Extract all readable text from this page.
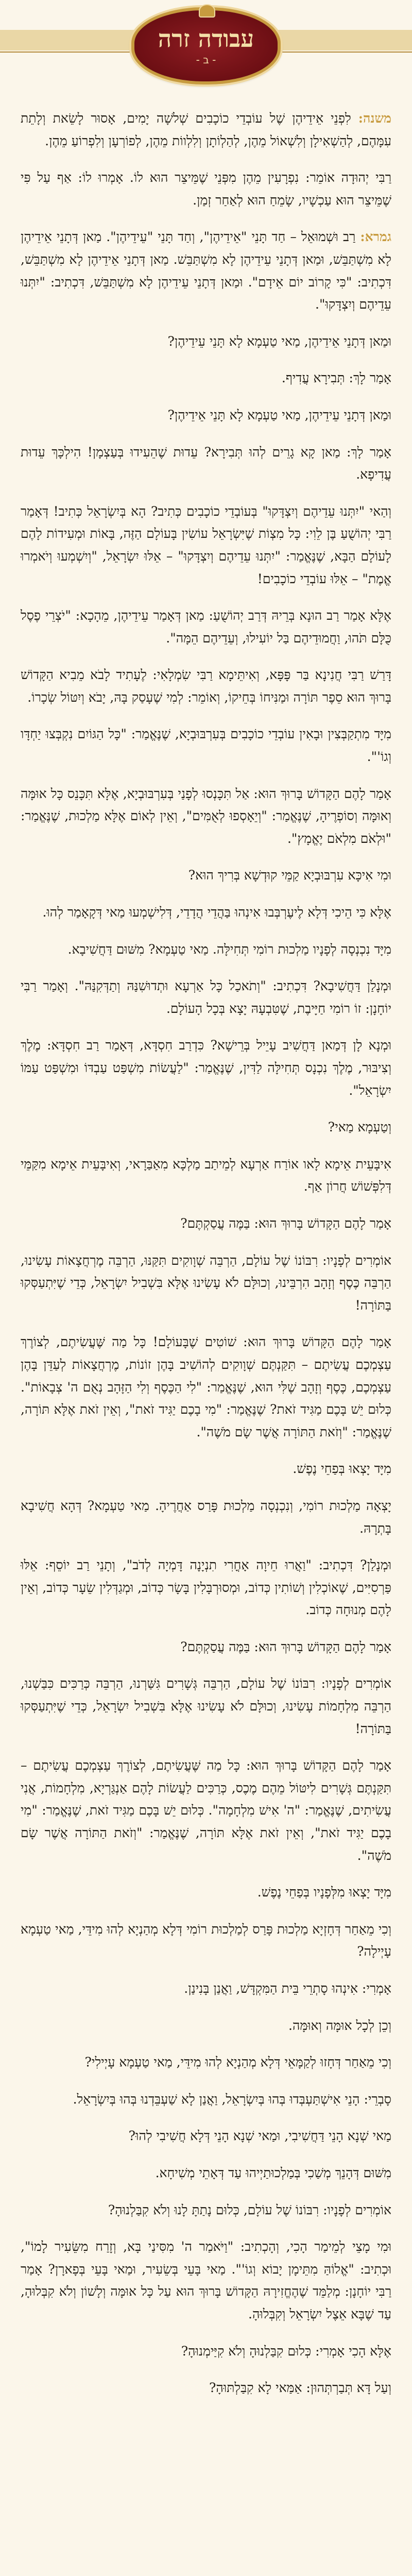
עבודה זרה
- ב -

משנה: לִפְנֵי אֵידֵיהֶן שֶׁל עוֹבְדֵי כוֹכָבִים שְׁלשָׁה יָמִים, אָסוּר לָשֵׂאת וְלָתֵת עִמָּהֶם, לְהַשְׁאִילָן וְלִשְׁאוֹל מֵהֶן, לְהַלְוֹתָן וְלִלְווֹת מֵהֶן, לְפוֹרְעָן וְלִפְרוֹעַ מֵהֶן.

רַבִּי יְהוּדָה אוֹמֵר: נִפְרָעִין מֵהֶן מִפְּנֵי שֶׁמֵּיצֵר הוּא לוֹ. אָמְרוּ לוֹ: אַף עַל פִּי שֶׁמֵּיצֵר הוּא עַכְשָׁיו, שָׂמֵחַ הוּא לְאַחַר זְמַן.

גמרא: רַב וּשְׁמוּאֵל – חַד תָּנֵי "אֵידֵיהֶן", וְחַד תָּנֵי "עֵידֵיהֶן". מַאן דְּתָנֵי אֵידֵיהֶן לָא מִשְׁתַּבֵּשׁ, וּמַאן דְּתָנֵי עֵידֵיהֶן לָא מִשְׁתַּבֵּשׁ. מַאן דְּתָנֵי אֵידֵיהֶן לָא מִשְׁתַּבֵּשׁ, דִּכְתִיב: "כִּי קָרוֹב יוֹם אֵידָם". וּמַאן דְּתָנֵי עֵידֵיהֶן לָא מִשְׁתַּבֵּשׁ, דִּכְתִיב: "יִתְּנוּ עֵדֵיהֶם וְיִצְדָּקוּ".

וּמַאן דְּתָנֵי אֵידֵיהֶן, מַאי טַעְמָא לָא תָּנֵי עֵידֵיהֶן?

אָמַר לָךְ: תְּבִירָא עֲדִיף.

וּמַאן דְּתָנֵי עֵידֵיהֶן, מַאי טַעְמָא לָא תָּנֵי אֵידֵיהֶן?

אָמַר לָךְ: מַאן קָא גָרֵים לְהוּ תְּבִירָא? עֵדוּת שֶׁהֵעִידוּ בְּעַצְמָן! הִילְכָּךְ עֵדוּת עֲדִיפָא.

וְהַאי "יִתְּנוּ עֵדֵיהֶם וְיִצְדָּקוּ" בְּעוֹבְדֵי כוֹכָבִים כְּתִיב? הָא בְּיִשְׂרָאֵל כְּתִיב! דְּאָמַר רַבִּי יְהוֹשֻׁעַ בֶּן לֵוִי: כָּל מִצְוֹת שֶׁיִּשְׂרָאֵל עוֹשִׂין בָּעוֹלָם הַזֶּה, בָּאוֹת וּמְעִידוֹת לָהֶם לָעוֹלָם הַבָּא, שֶׁנֶּאֱמַר: "יִתְּנוּ עֵדֵיהֶם וְיִצְדָּקוּ" – אֵלּוּ יִשְׂרָאֵל, "וְיִשְׁמְעוּ וְיֹאמְרוּ אֱמֶת" – אֵלּוּ עוֹבְדֵי כוֹכָבִים!

אֶלָּא אָמַר רַב הוּנָא בְּרֵיהּ דְּרַב יְהוֹשֻׁעַ: מַאן דְּאָמַר עֵידֵיהֶן, מֵהָכָא: "יֹצְרֵי פֶסֶל כֻּלָּם תֹּהוּ, וַחֲמוּדֵיהֶם בַּל יוֹעִילוּ, וְעֵדֵיהֶם הֵמָּה".

דָּרַשׁ רַבִּי חֲנִינָא בַּר פָּפָּא, וְאִיתֵּימָא רַבִּי שִׂמְלָאִי: לֶעָתִיד לָבֹא מֵבִיא הַקָּדוֹשׁ בָּרוּךְ הוּא סֵפֶר תּוֹרָה וּמַנִּיחוֹ בְּחֵיקוֹ, וְאוֹמֵר: לְמִי שֶׁעָסַק בָּהּ, יָבֹא וְיִטּוֹל שְׂכָרוֹ.

מִיָּד מִתְקַבְּצִין וּבָאִין עוֹבְדֵי כוֹכָבִים בְּעִרְבּוּבְיָא, שֶׁנֶּאֱמַר: "כָּל הַגּוֹיִם נִקְבְּצוּ יַחְדָּו וְגוֹ'".

אָמַר לָהֶם הַקָּדוֹשׁ בָּרוּךְ הוּא: אַל תִּכָּנְסוּ לְפָנַי בְּעִרְבּוּבְיָא, אֶלָּא תִּכָּנֵס כָּל אוּמָּה וְאוּמָּה וְסוֹפְרֶיהָ, שֶׁנֶּאֱמַר: "וְיֵאָסְפוּ לְאֻמִּים", וְאֵין לְאוֹם אֶלָּא מַלְכוּת, שֶׁנֶּאֱמַר: "וּלְאֹם מִלְאֹם יֶאֱמָץ".

וּמִי אִיכָּא עִרְבּוּבְיָא קַמֵּי קוּדְשָׁא בְּרִיךְ הוּא?

אֶלָּא כִּי הֵיכִי דְּלָא לֶיעֶרְבְּבוּ אִינְהוּ בַּהֲדֵי הֲדָדֵי, דְּלִישְׁמְעוּ מַאי דְּקָאָמַר לְהוּ.

מִיָּד נִכְנְסָה לְפָנָיו מַלְכוּת רוֹמִי תְּחִילָּה. מַאי טַעְמָא? מִשּׁוּם דַּחֲשִׁיבָא.

וּמְנָלַן דַּחֲשִׁיבָא? דִּכְתִיב: "וְתֹאכַל כָּל אַרְעָא וּתְדוּשִׁנַּהּ וְתַדְּקִנַּהּ". וְאָמַר רַבִּי יוֹחָנָן: זוֹ רוֹמִי חַיָּיבֶת, שֶׁטִּבְעָהּ יָצָא בְּכָל הָעוֹלָם.

וּמְנָא לָן דְּמַאן דַּחֲשִׁיב עָיֵיל בְּרֵישָׁא? כִּדְרַב חִסְדָּא, דְּאָמַר רַב חִסְדָּא: מֶלֶךְ וְצִיבּוּר, מֶלֶךְ נִכְנָס תְּחִילָּה לַדִּין, שֶׁנֶּאֱמַר: "לַעֲשׂוֹת מִשְׁפַּט עַבְדּוֹ וּמִשְׁפַּט עַמּוֹ יִשְׂרָאֵל".

וְטַעְמָא מַאי?

אִיבָּעֵית אֵימָא לָאו אוֹרַח אַרְעָא לְמֵיתַב מַלְכָּא מִאַבַּרָאי, וְאִיבָּעֵית אֵימָא מִקַּמֵּי דְּלִפְּשׁוֹשׁ חֲרוֹן אַף.

אָמַר לָהֶם הַקָּדוֹשׁ בָּרוּךְ הוּא: בַּמֶּה עֲסַקְתֶּם?

אוֹמְרִים לְפָנָיו: רִבּוֹנוֹ שֶׁל עוֹלָם, הַרְבֵּה שְׁוָוקִים תִּקַּנּוּ, הַרְבֵּה מֶרְחֲצָאוֹת עָשִׂינוּ, הַרְבֵּה כֶּסֶף וְזָהָב הִרְבֵּינוּ, וְכוּלָּם לֹא עָשִׂינוּ אֶלָּא בִּשְׁבִיל יִשְׂרָאֵל, כְּדֵי שֶׁיִּתְעַסְּקוּ בַּתּוֹרָה!

אָמַר לָהֶם הַקָּדוֹשׁ בָּרוּךְ הוּא: שׁוֹטִים שֶׁבָּעוֹלָם! כָּל מַה שֶּׁעֲשִׂיתֶם, לְצוֹרֶךְ עַצְמְכֶם עֲשִׂיתֶם – תִּקַּנְתֶּם שְׁוָוקִים לְהוֹשִׁיב בָּהֶן זוֹנוֹת, מֶרְחֲצָאוֹת לְעַדֵּן בָּהֶן עַצְמְכֶם, כֶּסֶף וְזָהָב שֶׁלִּי הוּא, שֶׁנֶּאֱמַר: "לִי הַכֶּסֶף וְלִי הַזָּהָב נְאֻם ה' צְבָאוֹת". כְּלוּם יֵשׁ בָּכֶם מַגִּיד זֹאת? שֶׁנֶּאֱמַר: "מִי בָכֶם יַגִּיד זֹאת", וְאֵין זֹאת אֶלָּא תּוֹרָה, שֶׁנֶּאֱמַר: "וְזֹאת הַתּוֹרָה אֲשֶׁר שָׂם מֹשֶׁה".

מִיָּד יָצְאוּ בְּפַחֵי נֶפֶשׁ.

יָצְאָה מַלְכוּת רוֹמִי, וְנִכְנְסָה מַלְכוּת פָּרַס אַחֲרֶיהָ. מַאי טַעְמָא? דְּהָא חֲשִׁיבָא בָּתְרָהּ.

וּמְנָלַן? דִּכְתִיב: "וַאֲרוּ חֵיוָה אָחֳרִי תִנְיָנָה דָּמְיָה לְדֹב", וְתָנֵי רַב יוֹסֵף: אֵלּוּ פַּרְסִיִּים, שֶׁאוֹכְלִין וְשׁוֹתִין כְּדוֹב, וּמְסוּרְבָּלִין בָּשָׂר כְּדוֹב, וּמְגַדְּלִין שֵׂעָר כְּדוֹב, וְאֵין לָהֶם מְנוּחָה כְּדוֹב.

אָמַר לָהֶם הַקָּדוֹשׁ בָּרוּךְ הוּא: בַּמֶּה עֲסַקְתֶּם?

אוֹמְרִים לְפָנָיו: רִבּוֹנוֹ שֶׁל עוֹלָם, הַרְבֵּה גְּשָׁרִים גִּשַּׁרְנוּ, הַרְבֵּה כְּרַכִּים כִּבַּשְׁנוּ, הַרְבֵּה מִלְחָמוֹת עָשִׂינוּ, וְכוּלָּם לֹא עָשִׂינוּ אֶלָּא בִּשְׁבִיל יִשְׂרָאֵל, כְּדֵי שֶׁיִּתְעַסְּקוּ בַּתּוֹרָה!

אָמַר לָהֶם הַקָּדוֹשׁ בָּרוּךְ הוּא: כָּל מַה שֶּׁעֲשִׂיתֶם, לְצוֹרֶךְ עַצְמְכֶם עֲשִׂיתֶם – תִּקַּנְתֶּם גְּשָׁרִים לִיטּוֹל מֵהֶם מֶכֶס, כְּרַכִּים לַעֲשׂוֹת לָהֶם אַנְגַּרְיָא, מִלְחָמוֹת, אֲנִי עֲשִׂיתִים, שֶׁנֶּאֱמַר: "ה' אִישׁ מִלְחָמָה". כְּלוּם יֵשׁ בָּכֶם מַגִּיד זֹאת, שֶׁנֶּאֱמַר: "מִי בָכֶם יַגִּיד זֹאת", וְאֵין זֹאת אֶלָּא תּוֹרָה, שֶׁנֶּאֱמַר: "וְזֹאת הַתּוֹרָה אֲשֶׁר שָׂם מֹשֶׁה".

מִיָּד יָצְאוּ מִלְּפָנָיו בְּפַחֵי נֶפֶשׁ.

וְכִי מֵאַחַר דְּחָזְיָא מַלְכוּת פָּרַס לְמַלְכוּת רוֹמִי דְּלָא מְהַנְיָא לְהוּ מִידֵּי, מַאי טַעְמָא עָיְילָה?

אָמְרִי: אִינְהוּ סָתְרֵי בֵּית הַמִּקְדָּשׁ, וַאֲנַן בָּנִינַן.

וְכֵן לְכָל אוּמָּה וְאוּמָּה.

וְכִי מֵאַחַר דְּחָזוּ לְקַמָּאֵי דְּלָא מְהַנְיָא לְהוּ מִידֵּי, מַאי טַעְמָא עָיְילִי?

סָבְרֵי: הָנֵי אִישְׁתַּעְבְּדוּ בְּהוּ בְּיִשְׂרָאֵל, וַאֲנַן לָא שַׁעְבֵּדְנוּ בְּהוּ בְּיִשְׂרָאֵל.

מַאי שְׁנָא הָנֵי דַּחֲשִׁיבִי, וּמַאי שְׁנָא הָנֵי דְּלָא חֲשִׁיבִי לְהוּ?

מִשּׁוּם דְּהָנֵךְ מְשַׁכִי בְּמַלְכוּתַיְיהוּ עַד דְּאָתֵי מְשִׁיחָא.

אוֹמְרִים לְפָנָיו: רִבּוֹנוֹ שֶׁל עוֹלָם, כְּלוּם נָתַתָּ לָנוּ וְלֹא קִבַּלְנוּהָ?

וּמִי מָצֵי לְמֵימַר הָכִי, וְהָכְתִיב: "וַיֹּאמַר ה' מִסִּינַי בָּא, וְזָרַח מִשֵּׂעִיר לָמוֹ", וּכְתִיב: "אֱלוֹהַּ מִתֵּימָן יָבוֹא וְגוֹ'". מַאי בָּעֵי בְּשֵׂעִיר, וּמַאי בָּעֵי בְּפָארָן? אָמַר רַבִּי יוֹחָנָן: מְלַמֵּד שֶׁהֶחֱזִירָהּ הַקָּדוֹשׁ בָּרוּךְ הוּא עַל כָּל אוּמָּה וְלָשׁוֹן וְלֹא קִבְּלוּהָ, עַד שֶׁבָּא אֵצֶל יִשְׂרָאֵל וְקִבְּלוּהָ.

אֶלָּא הָכִי אָמְרִי: כְּלוּם קִבַּלְנוּהָ וְלֹא קִיַּימְנוּהָ?

וְעַל דָּא תְּבַרְתְּהוּן: אַמַּאי לָא קִבַּלְתּוּהָ?
